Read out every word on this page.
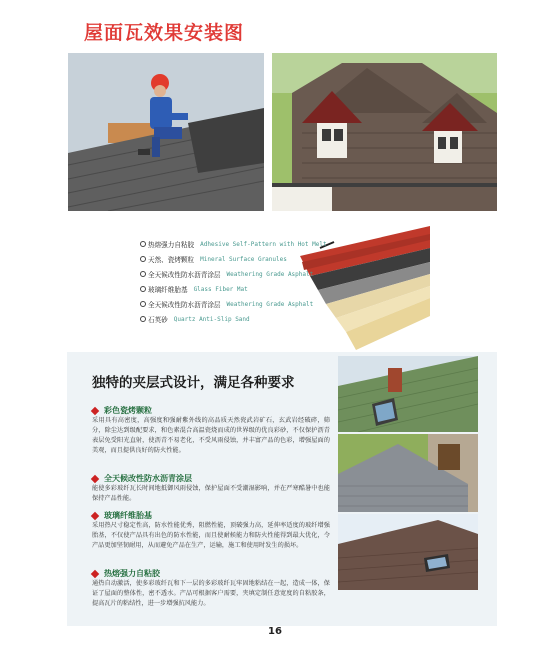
屋面瓦效果安装图
热熔强力自粘胶 Adhesive Self-Pattern with Hot Melt
天然、瓷烤颗粒 Mineral Surface Granules
全天候改性防水沥青涂层 Weathering Grade Asphalt
玻璃纤维胎基 Glass Fiber Mat
全天候改性防水沥青涂层 Weathering Grade Asphalt
石英砂 Quartz Anti-Slip Sand
独特的夹层式设计，满足各种要求
彩色瓷烤颗粒
采用具有高密度，高强度和强耐紫外线的高品质天然瓷武岩矿石，玄武岩经破碎，筛分，除尘达到级配要求，和色素混合高温瓷烧而成的世界级的优良彩砂，不仅保护沥青表层免受阳光直射，使沥青不易老化，不受风雨侵蚀，并丰富产品的色彩，增强屋面的美观，而且提供良好的防火性能。
全天候改性防水沥青涂层
能使多彩玻纤瓦长时间地抵御风雨侵蚀，保护屋面不受潮湿影响，并在严寒酷暑中也能保持产品性能。
玻璃纤维胎基
采用热尺寸稳定性高，防水性能优秀，阻燃性能，顶破强力高，延伸率适度的玻纤增强胎基，不仅使产品具有出色的防水性能，而且使耐候能力和防火性能得到最大优化，令产品更加坚韧耐用，从而避免产品在生产，运输，施工和使用时发生的损坏。
热熔强力自粘胶
通热自动激活，使多彩玻纤瓦和下一层的多彩玻纤瓦牢固地粘结在一起，造成一体，保证了屋面的整体性，密不透水。产品可根据客户需要，夹填定制任意宽度的自粘胶条，提高瓦片的粘结性，进一步增强抗风能力。
16
